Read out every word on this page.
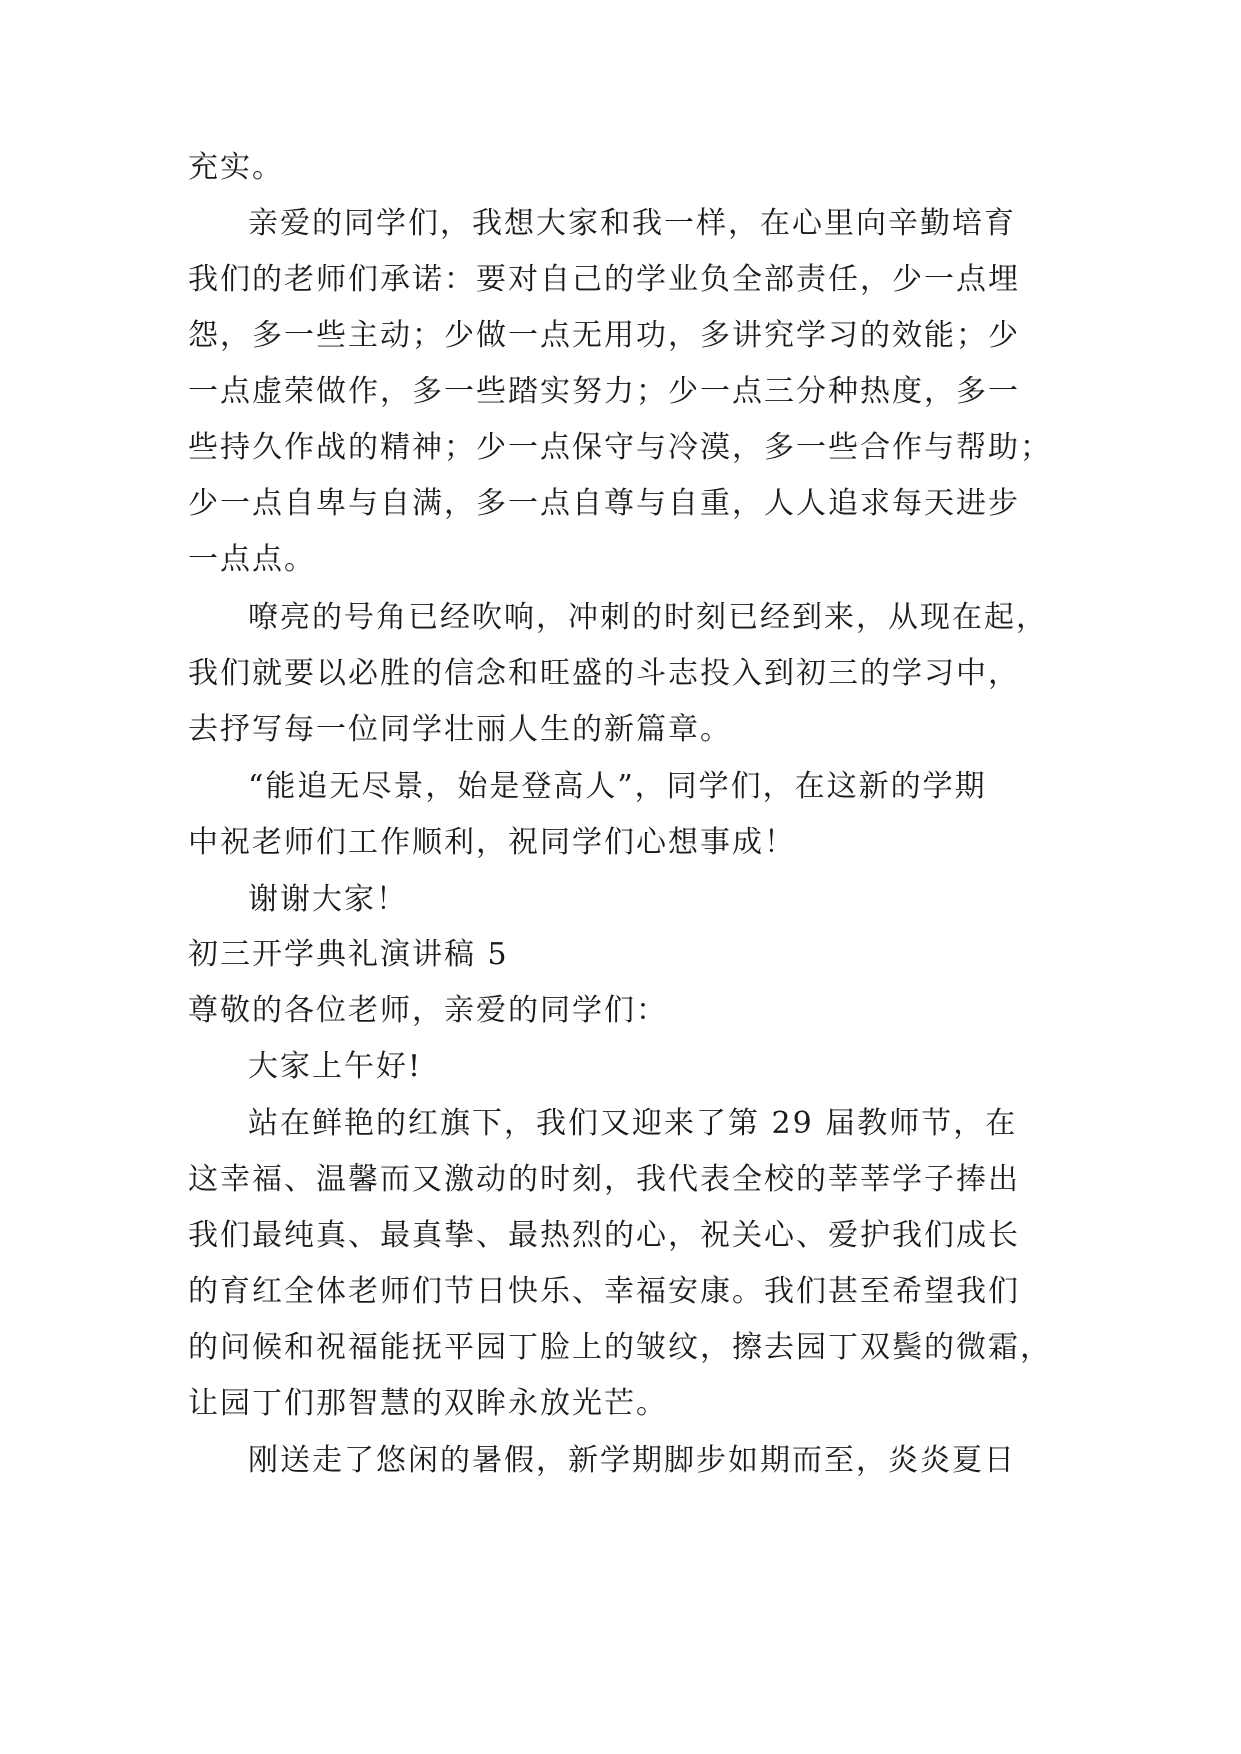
充实。
亲爱的同学们，我想大家和我一样，在心里向辛勤培育
我们的老师们承诺：要对自己的学业负全部责任，少一点埋
怨，多一些主动；少做一点无用功，多讲究学习的效能；少
一点虚荣做作，多一些踏实努力；少一点三分种热度，多一
些持久作战的精神；少一点保守与冷漠，多一些合作与帮助；
少一点自卑与自满，多一点自尊与自重，人人追求每天进步
一点点。
嘹亮的号角已经吹响，冲刺的时刻已经到来，从现在起，
我们就要以必胜的信念和旺盛的斗志投入到初三的学习中，
去抒写每一位同学壮丽人生的新篇章。
“能追无尽景，始是登高人”，同学们，在这新的学期
中祝老师们工作顺利，祝同学们心想事成！
谢谢大家！
初三开学典礼演讲稿 5
尊敬的各位老师，亲爱的同学们：
大家上午好!
站在鲜艳的红旗下，我们又迎来了第 29 届教师节，在
这幸福、温馨而又激动的时刻，我代表全校的莘莘学子捧出
我们最纯真、最真挚、最热烈的心，祝关心、爱护我们成长
的育红全体老师们节日快乐、幸福安康。我们甚至希望我们
的问候和祝福能抚平园丁脸上的皱纹，擦去园丁双鬓的微霜，
让园丁们那智慧的双眸永放光芒。
刚送走了悠闲的暑假，新学期脚步如期而至，炎炎夏日
